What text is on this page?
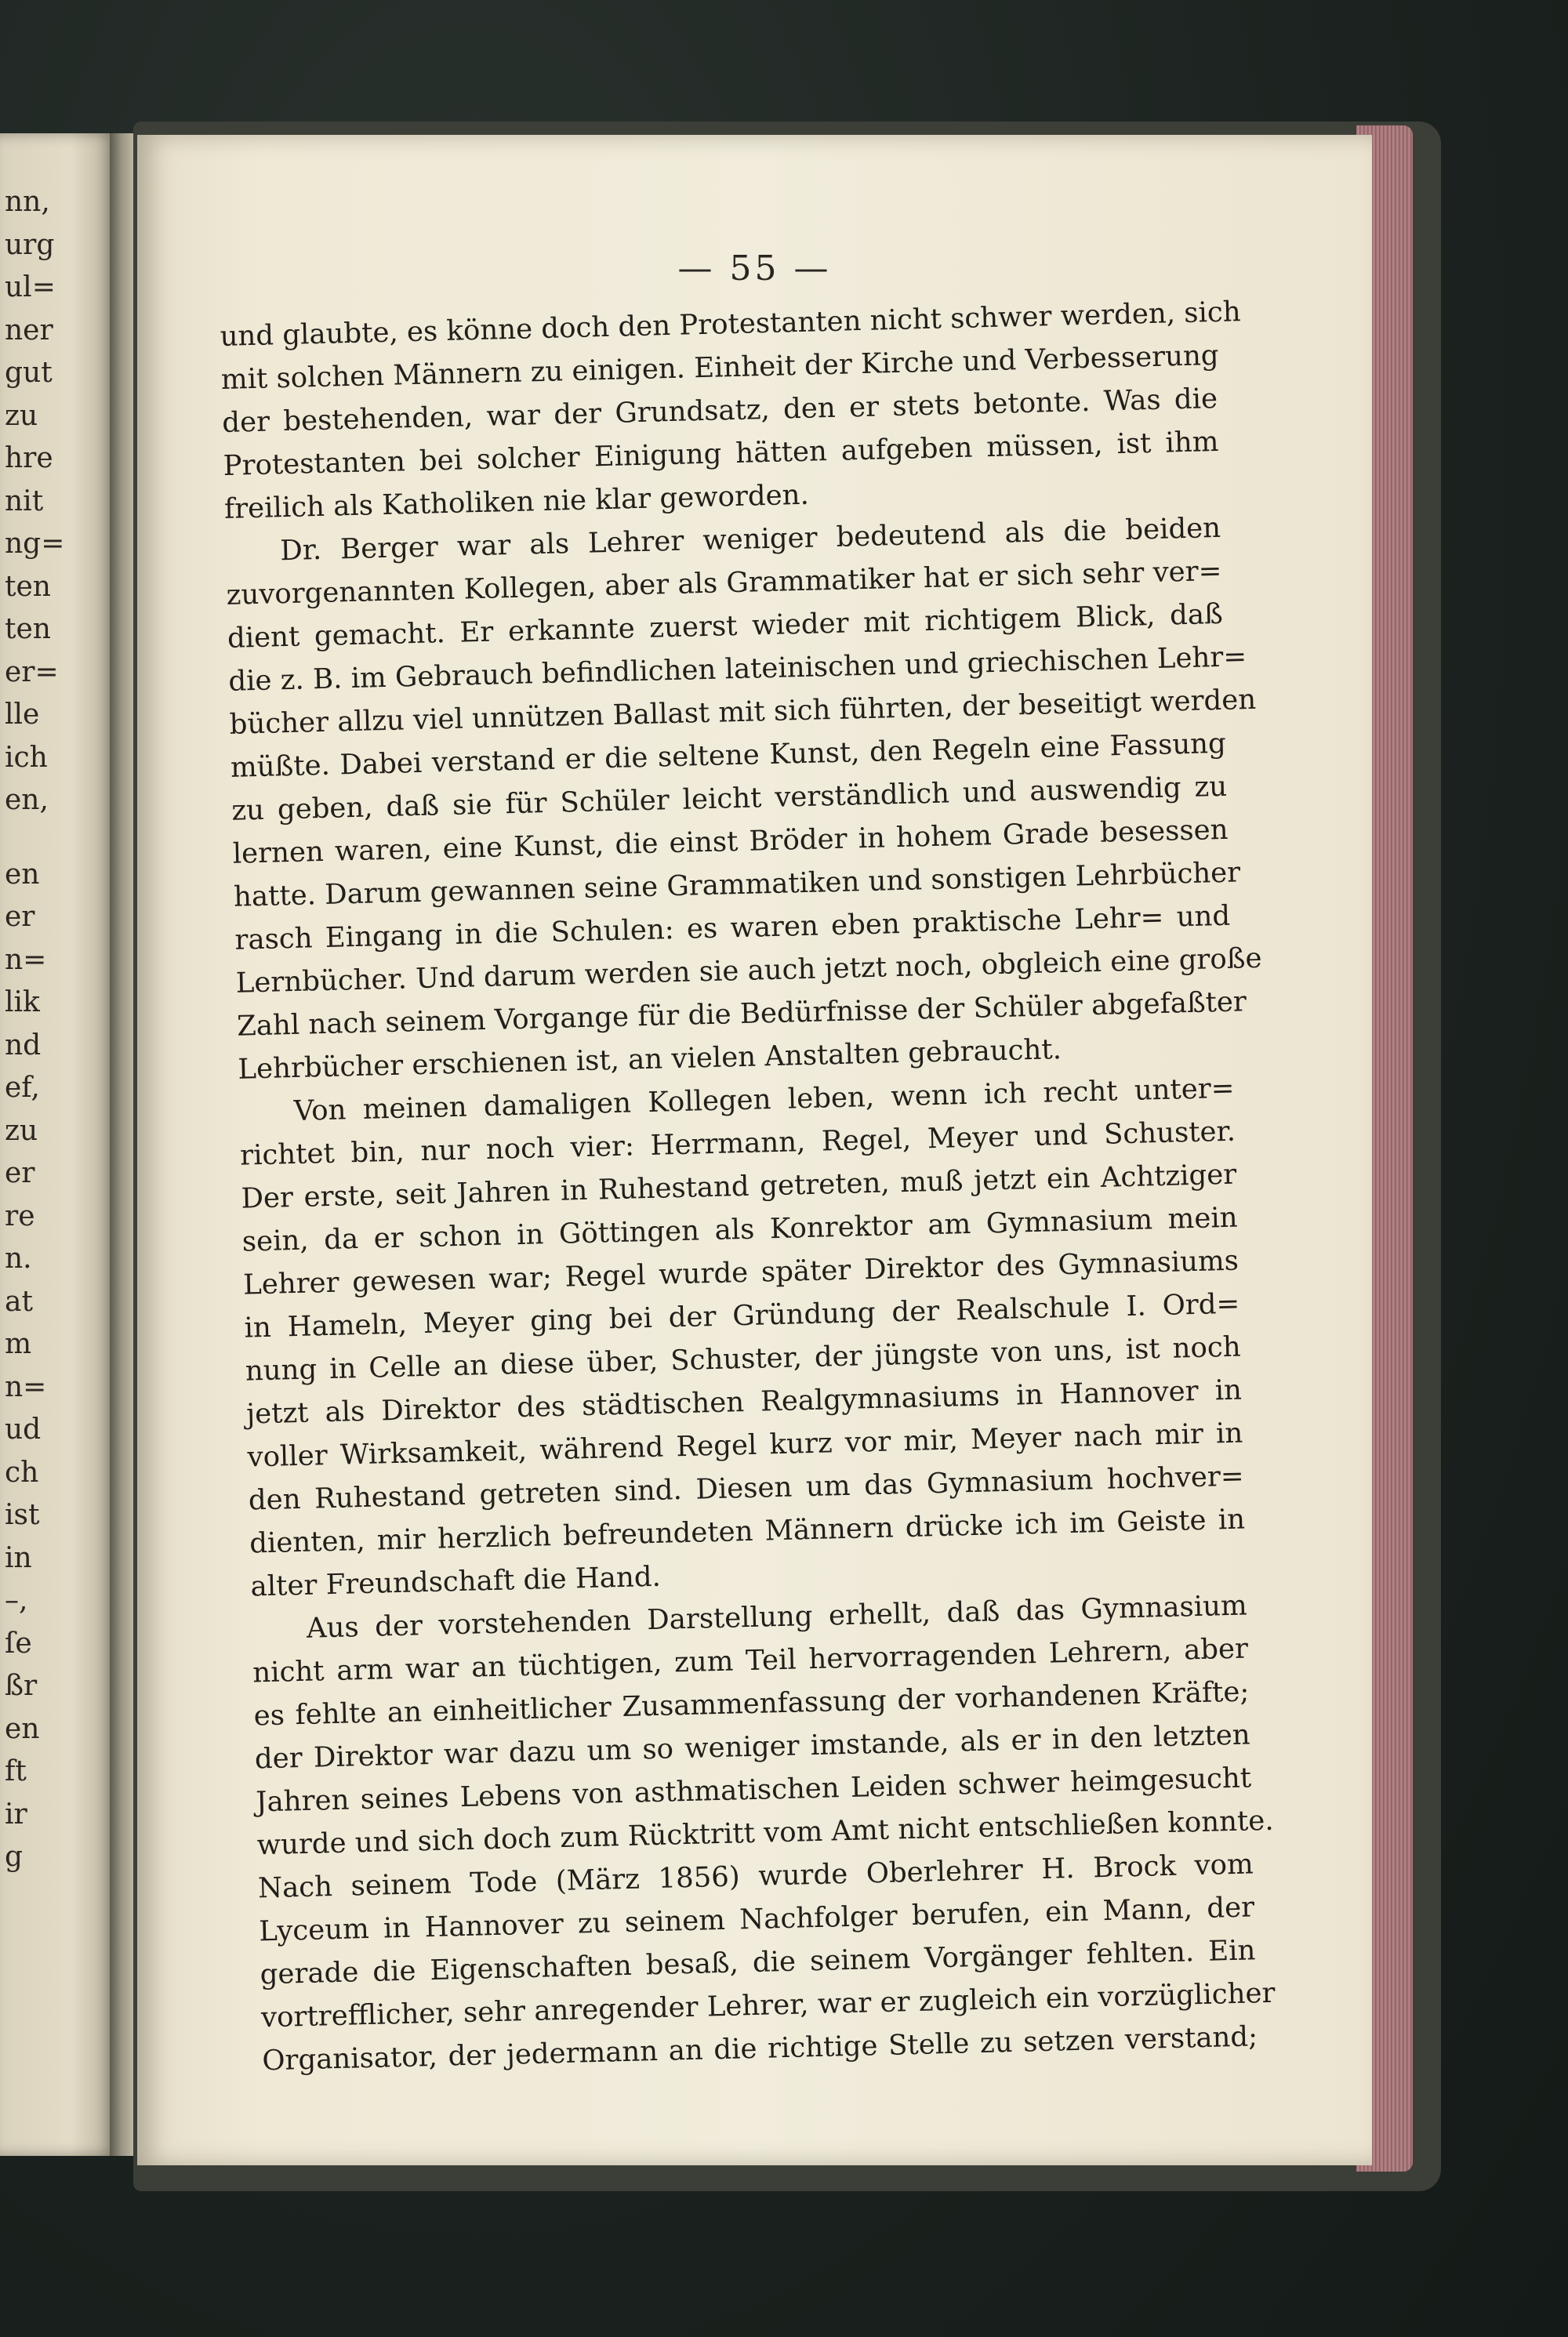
nn,
urg
ul=
ner
gut
zu
hre
nit
ng=
ten
ten
er=
lle
ich
en,
en
er
n=
lik
nd
ef,
zu
er
re
n.
at
m
n=
ud
ch
ist
in
–,
ſe
ßr
en
ft
ir
g
— 55 —
und glaubte, es könne doch den Protestanten nicht schwer werden, sich
mit solchen Männern zu einigen. Einheit der Kirche und Verbesserung
der bestehenden, war der Grundsatz, den er stets betonte. Was die
Protestanten bei solcher Einigung hätten aufgeben müssen, ist ihm
freilich als Katholiken nie klar geworden.
Dr. Berger war als Lehrer weniger bedeutend als die beiden
zuvorgenannten Kollegen, aber als Grammatiker hat er sich sehr ver=
dient gemacht. Er erkannte zuerst wieder mit richtigem Blick, daß
die z. B. im Gebrauch befindlichen lateinischen und griechischen Lehr=
bücher allzu viel unnützen Ballast mit sich führten, der beseitigt werden
müßte. Dabei verstand er die seltene Kunst, den Regeln eine Fassung
zu geben, daß sie für Schüler leicht verständlich und auswendig zu
lernen waren, eine Kunst, die einst Bröder in hohem Grade besessen
hatte. Darum gewannen seine Grammatiken und sonstigen Lehrbücher
rasch Eingang in die Schulen: es waren eben praktische Lehr= und
Lernbücher. Und darum werden sie auch jetzt noch, obgleich eine große
Zahl nach seinem Vorgange für die Bedürfnisse der Schüler abgefaßter
Lehrbücher erschienen ist, an vielen Anstalten gebraucht.
Von meinen damaligen Kollegen leben, wenn ich recht unter=
richtet bin, nur noch vier: Herrmann, Regel, Meyer und Schuster.
Der erste, seit Jahren in Ruhestand getreten, muß jetzt ein Achtziger
sein, da er schon in Göttingen als Konrektor am Gymnasium mein
Lehrer gewesen war; Regel wurde später Direktor des Gymnasiums
in Hameln, Meyer ging bei der Gründung der Realschule I. Ord=
nung in Celle an diese über, Schuster, der jüngste von uns, ist noch
jetzt als Direktor des städtischen Realgymnasiums in Hannover in
voller Wirksamkeit, während Regel kurz vor mir, Meyer nach mir in
den Ruhestand getreten sind. Diesen um das Gymnasium hochver=
dienten, mir herzlich befreundeten Männern drücke ich im Geiste in
alter Freundschaft die Hand.
Aus der vorstehenden Darstellung erhellt, daß das Gymnasium
nicht arm war an tüchtigen, zum Teil hervorragenden Lehrern, aber
es fehlte an einheitlicher Zusammenfassung der vorhandenen Kräfte;
der Direktor war dazu um so weniger imstande, als er in den letzten
Jahren seines Lebens von asthmatischen Leiden schwer heimgesucht
wurde und sich doch zum Rücktritt vom Amt nicht entschließen konnte.
Nach seinem Tode (März 1856) wurde Oberlehrer H. Brock vom
Lyceum in Hannover zu seinem Nachfolger berufen, ein Mann, der
gerade die Eigenschaften besaß, die seinem Vorgänger fehlten. Ein
vortrefflicher, sehr anregender Lehrer, war er zugleich ein vorzüglicher
Organisator, der jedermann an die richtige Stelle zu setzen verstand;
